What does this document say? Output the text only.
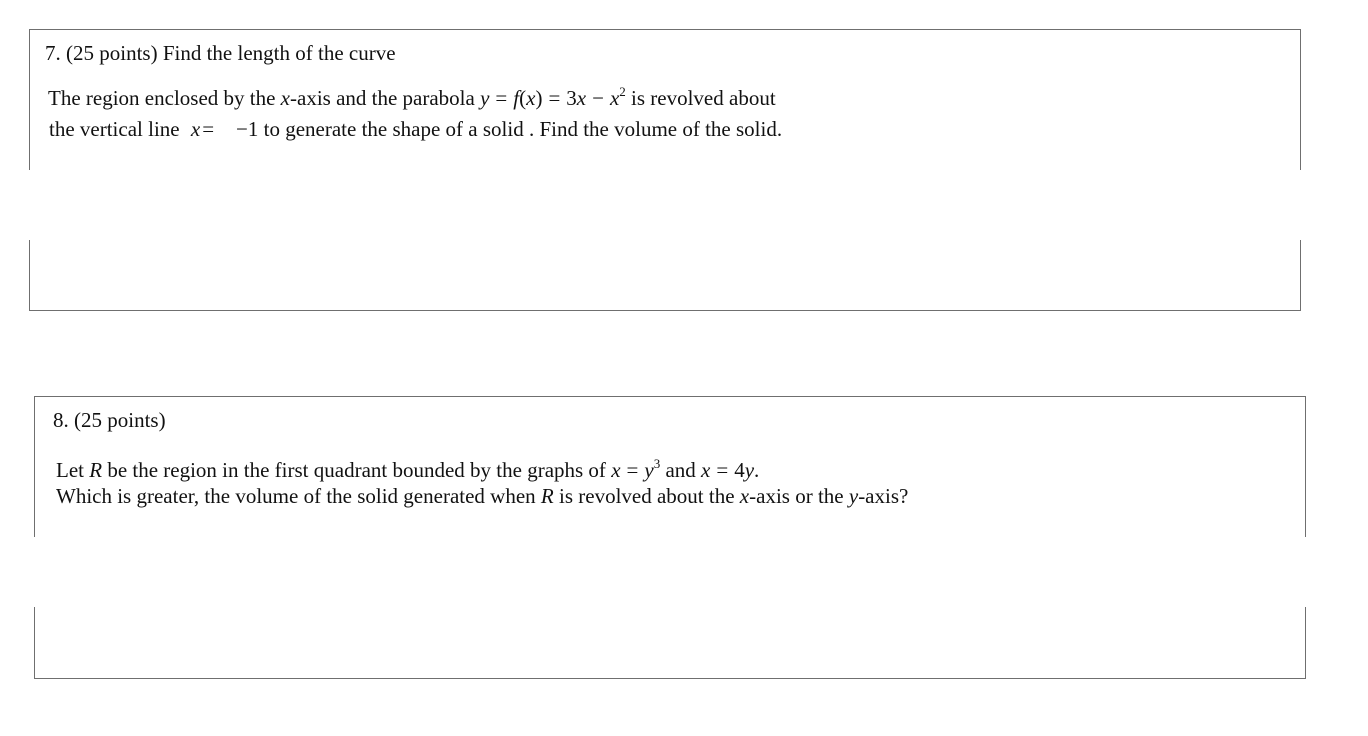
7. (25 points) Find the length of the curve
The region enclosed by the x-axis and the parabola $y = f(x) = 3x - x^2$ is revolved about
the vertical line x= −1 to generate the shape of a solid . Find the volume of the solid.
8. (25 points)
Let R be the region in the first quadrant bounded by the graphs of $x = y^3$ and x = 4y.
Which is greater, the volume of the solid generated when R is revolved about the x-axis or the y-axis?
